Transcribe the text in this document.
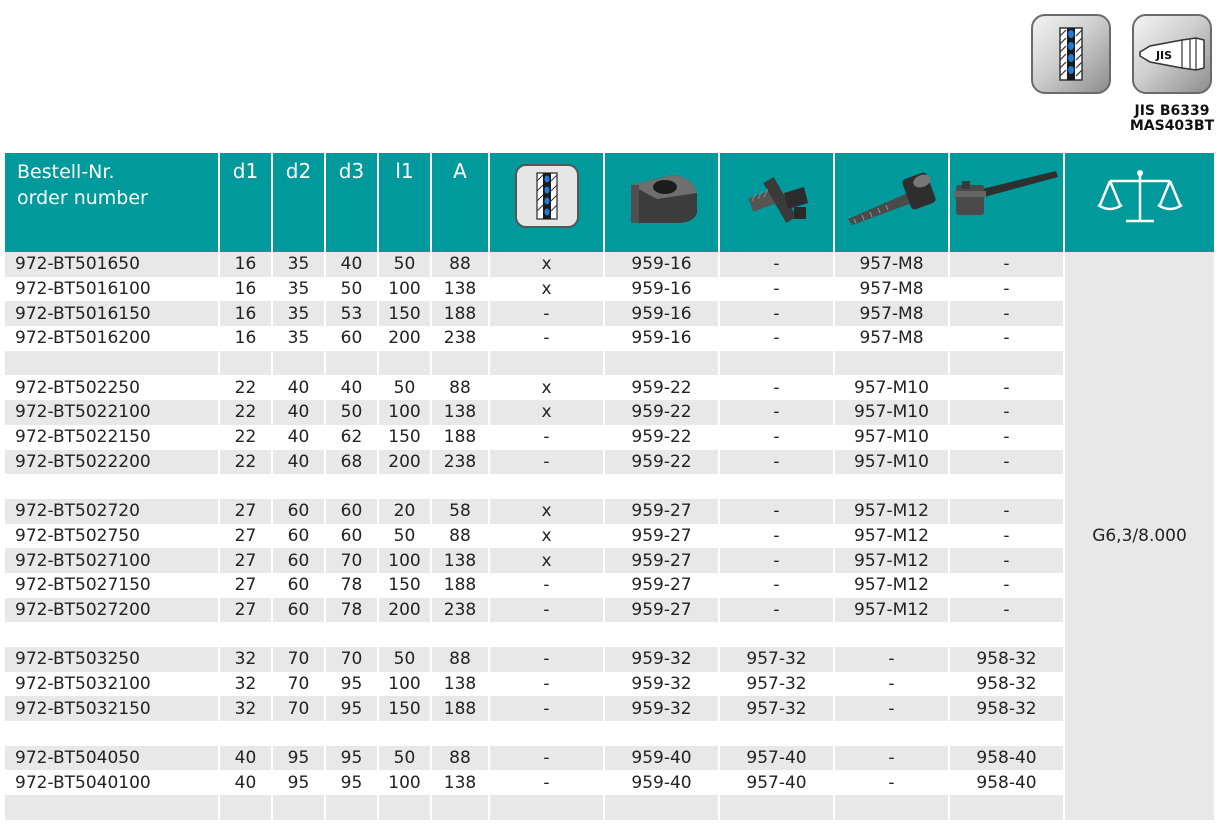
JIS
JIS B6339
MAS403BT
Bestell-Nr.
order number	d1	d2	d3	l1	A						
972-BT501650	16	35	40	50	88	x	959-16	-	957-M8	-	G6,3/8.000
972-BT5016100	16	35	50	100	138	x	959-16	-	957-M8	-	
972-BT5016150	16	35	53	150	188	-	959-16	-	957-M8	-	
972-BT5016200	16	35	60	200	238	-	959-16	-	957-M8	-	

972-BT502250	22	40	40	50	88	x	959-22	-	957-M10	-	
972-BT5022100	22	40	50	100	138	x	959-22	-	957-M10	-	
972-BT5022150	22	40	62	150	188	-	959-22	-	957-M10	-	
972-BT5022200	22	40	68	200	238	-	959-22	-	957-M10	-	

972-BT502720	27	60	60	20	58	x	959-27	-	957-M12	-	
972-BT502750	27	60	60	50	88	x	959-27	-	957-M12	-	
972-BT5027100	27	60	70	100	138	x	959-27	-	957-M12	-	
972-BT5027150	27	60	78	150	188	-	959-27	-	957-M12	-	
972-BT5027200	27	60	78	200	238	-	959-27	-	957-M12	-	

972-BT503250	32	70	70	50	88	-	959-32	957-32	-	958-32	
972-BT5032100	32	70	95	100	138	-	959-32	957-32	-	958-32	
972-BT5032150	32	70	95	150	188	-	959-32	957-32	-	958-32	

972-BT504050	40	95	95	50	88	-	959-40	957-40	-	958-40	
972-BT5040100	40	95	95	100	138	-	959-40	957-40	-	958-40	
